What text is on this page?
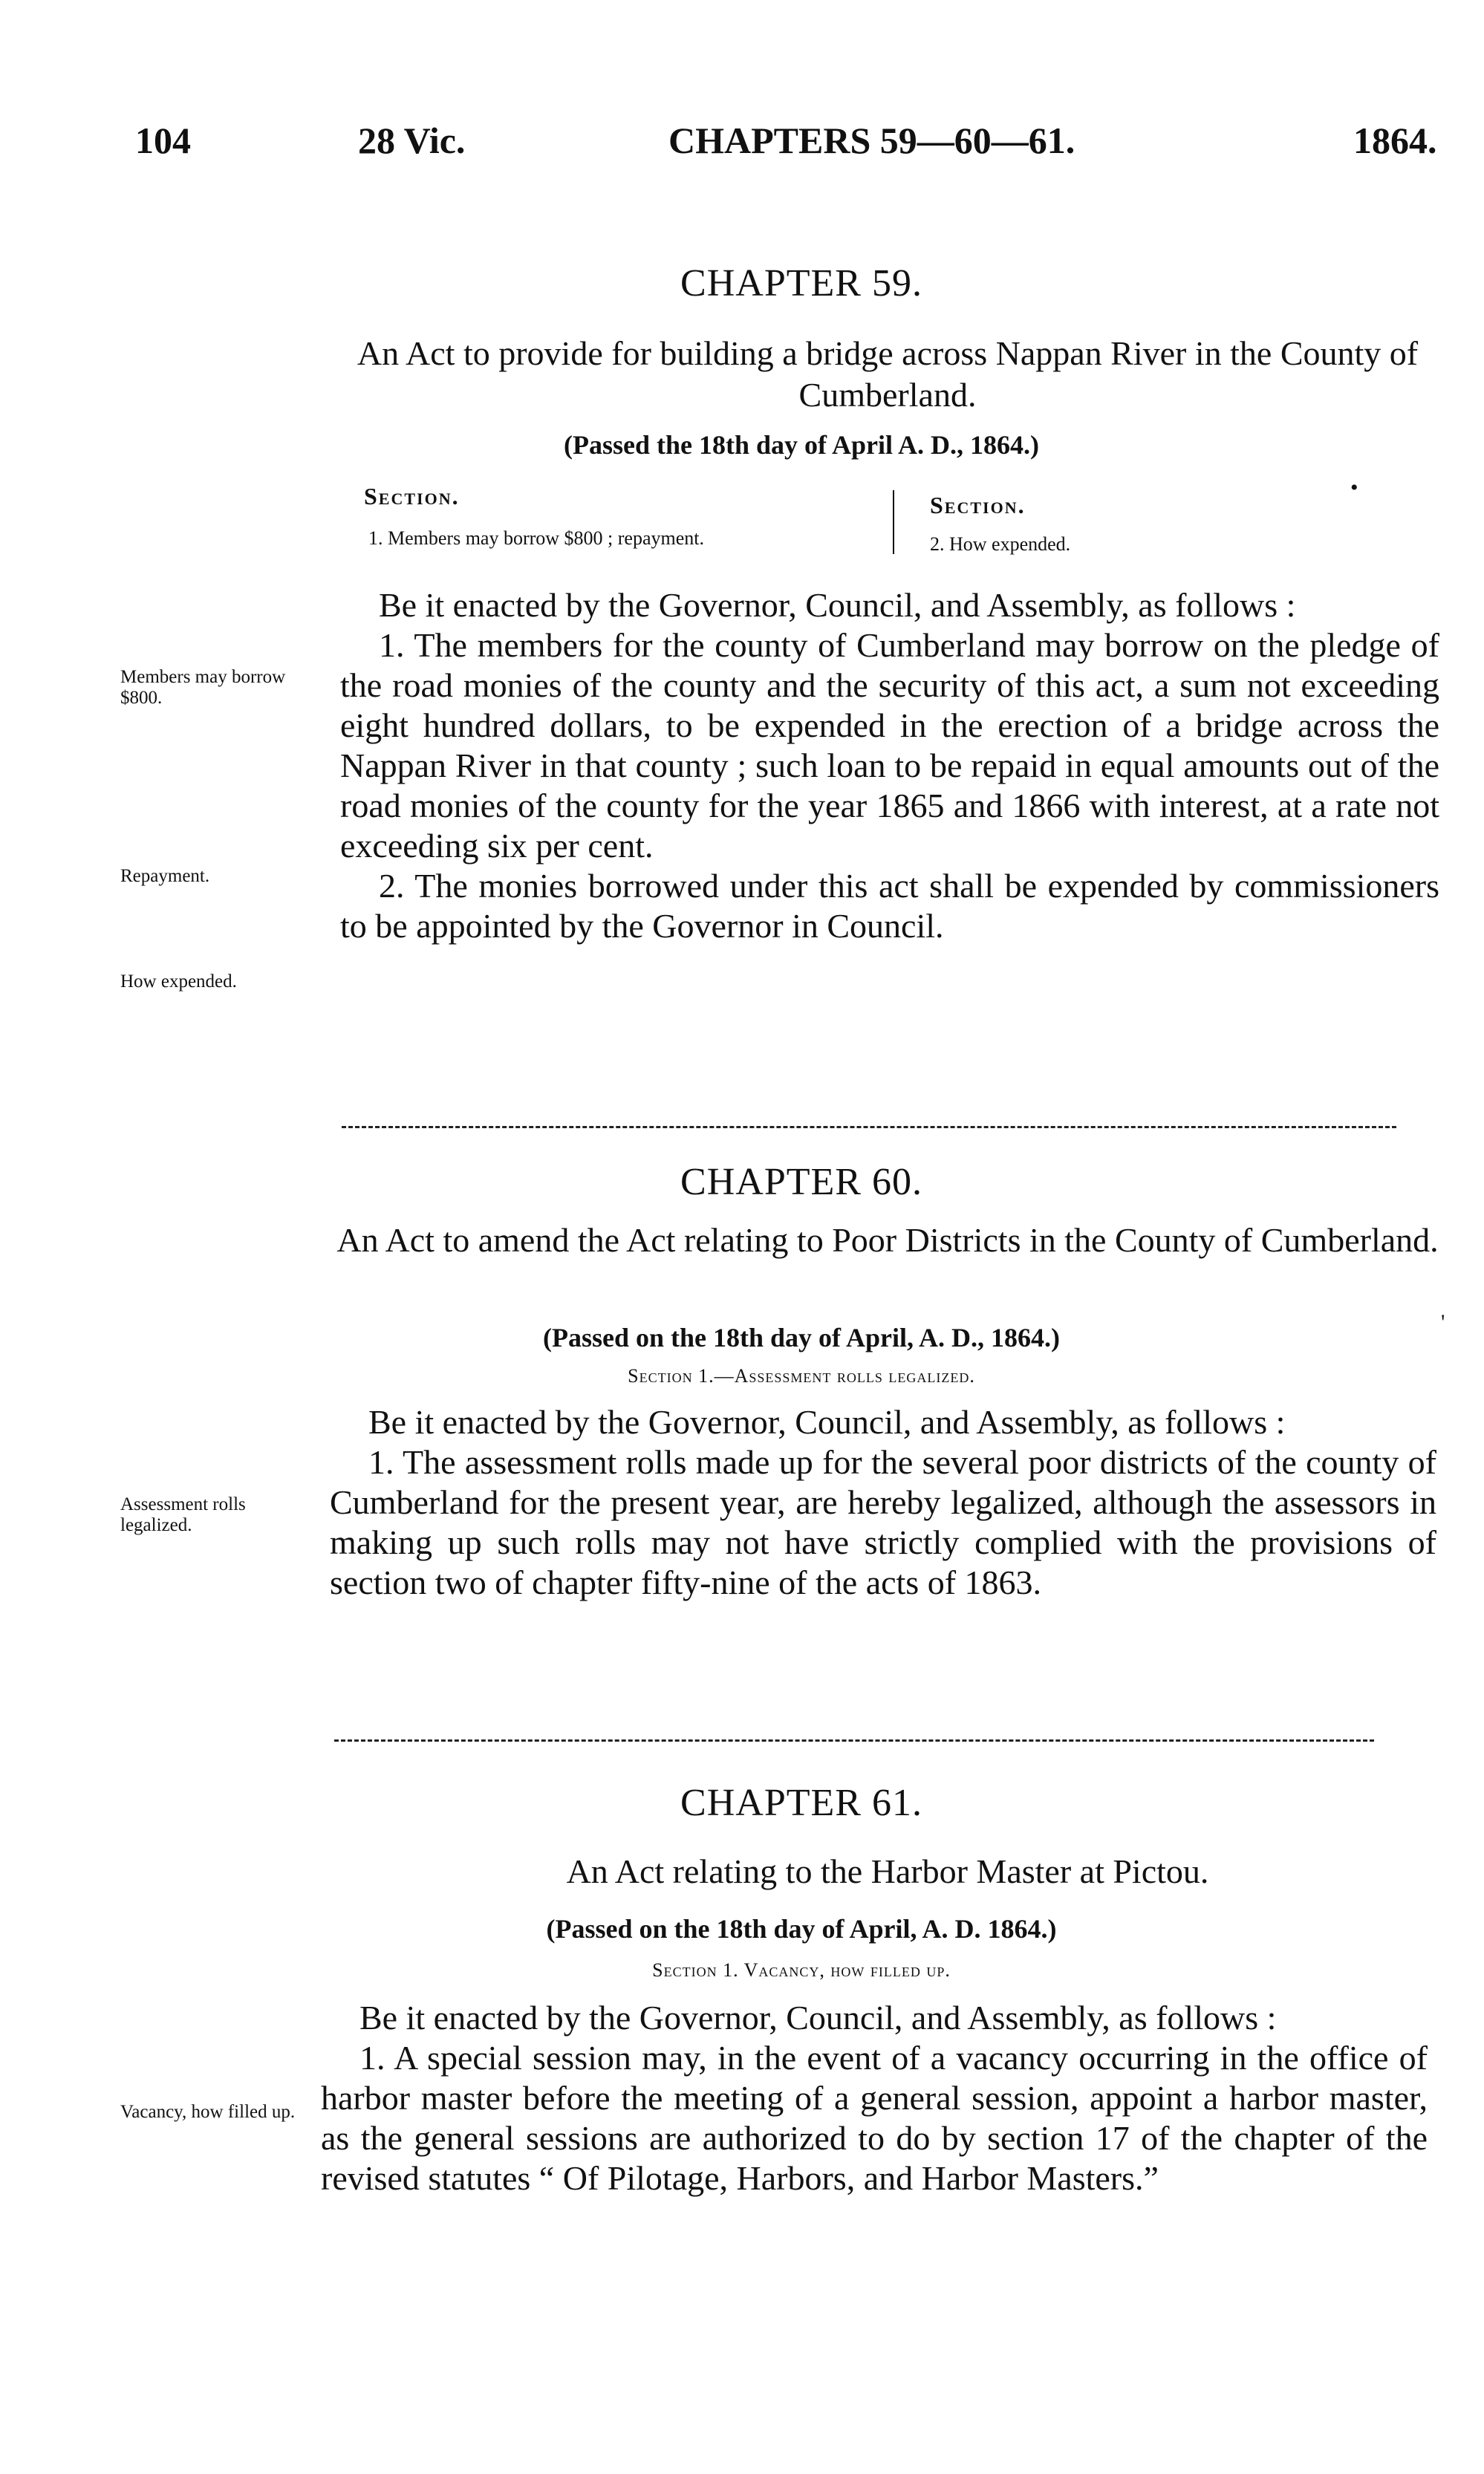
104	28 Vic.	CHAPTERS 59—60—61.	1864.
CHAPTER 59.
An Act to provide for building a bridge across Nappan River in the County of Cumberland.
(Passed the 18th day of April A. D., 1864.)
Section.
1. Members may borrow $800 ; repayment.
Section.
2. How expended.
•

Be it enacted by the Governor, Council, and Assembly, as follows :

1. The members for the county of Cumberland may borrow on the pledge of the road monies of the county and the security of this act, a sum not exceeding eight hundred dollars, to be expended in the erection of a bridge across the Nappan River in that county ; such loan to be repaid in equal amounts out of the road monies of the county for the year 1865 and 1866 with interest, at a rate not exceeding six per cent.

2. The monies borrowed under this act shall be expended by commissioners to be appointed by the Governor in Council.

Members may borrow $800.
Repayment.
How expended.
CHAPTER 60.
An Act to amend the Act relating to Poor Districts in the County of Cumberland.
(Passed on the 18th day of April, A. D., 1864.)
Section 1.—Assessment rolls legalized.
'

Be it enacted by the Governor, Council, and Assembly, as follows :

1. The assessment rolls made up for the several poor districts of the county of Cumberland for the present year, are hereby legalized, although the assessors in making up such rolls may not have strictly complied with the provisions of section two of chapter fifty-nine of the acts of 1863.

Assessment rolls legalized.
CHAPTER 61.
An Act relating to the Harbor Master at Pictou.
(Passed on the 18th day of April, A. D. 1864.)
Section 1. Vacancy, how filled up.

Be it enacted by the Governor, Council, and Assembly, as follows :

1. A special session may, in the event of a vacancy occurring in the office of harbor master before the meeting of a general session, appoint a harbor master, as the general sessions are authorized to do by section 17 of the chapter of the revised statutes “ Of Pilotage, Harbors, and Harbor Masters.”

Vacancy, how filled up.
